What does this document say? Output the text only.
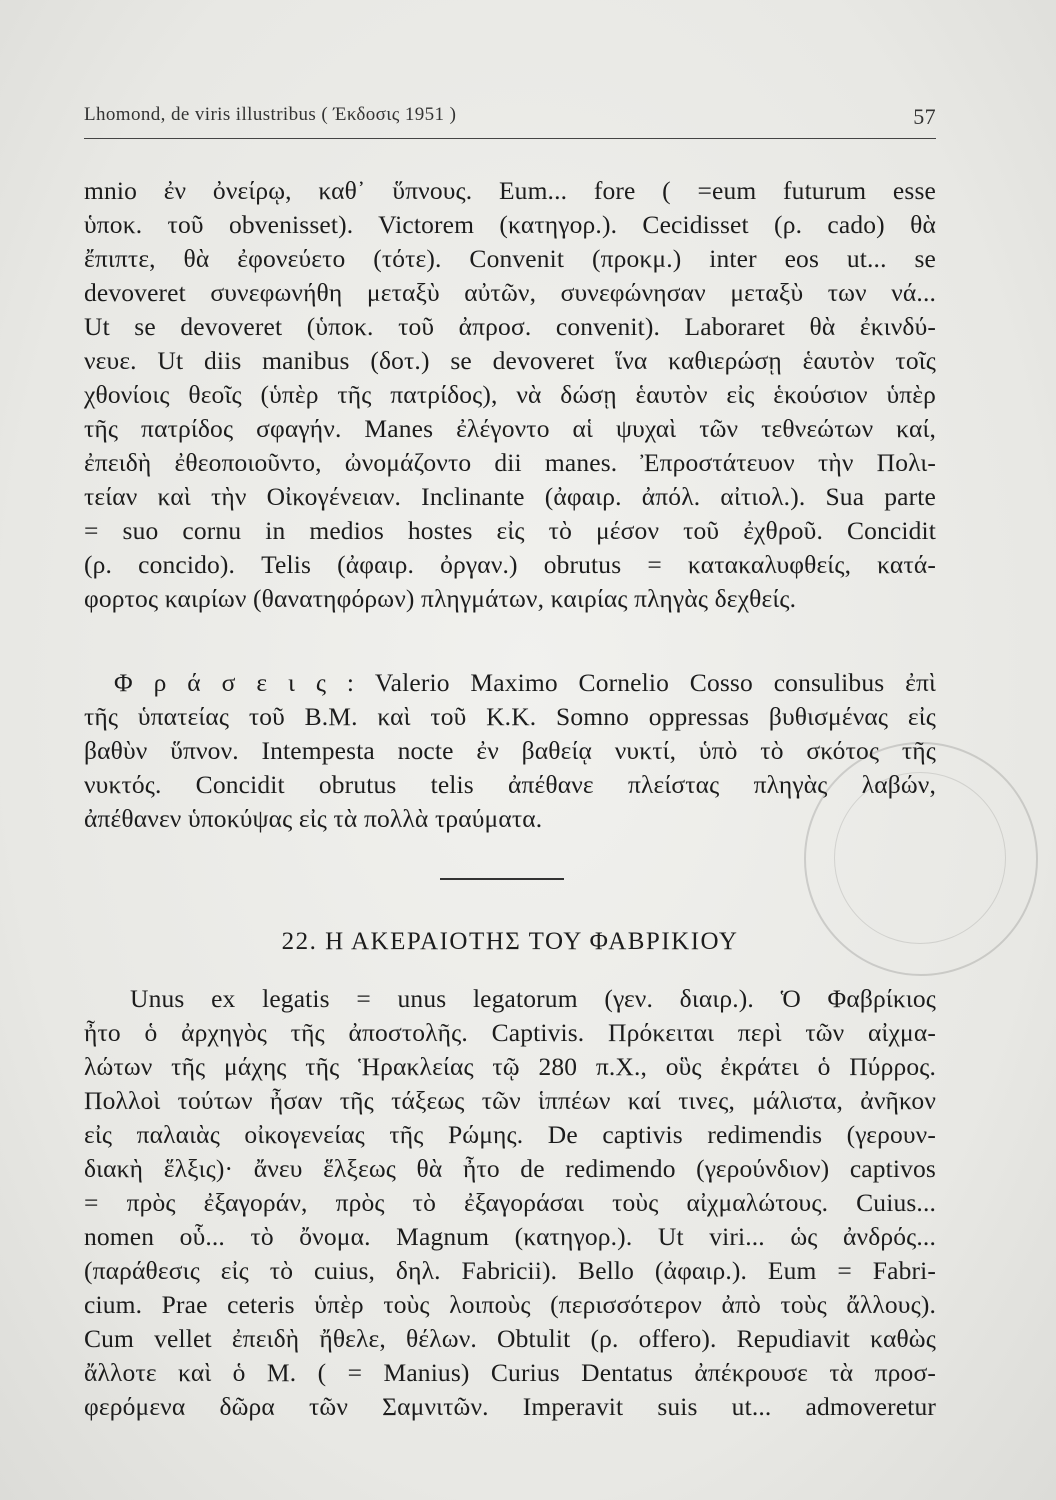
Lhomond, de viris illustribus ( Έκδοσις 1951 )	57
mnio ἐν ὀνείρῳ, καθ᾽ ὕπνους. Eum... fore ( =eum futurum esse
ὑποκ. τοῦ obvenisset). Victorem (κατηγορ.). Cecidisset (ρ. cado) θὰ
ἔπιπτε, θὰ ἐφονεύετο (τότε). Convenit (προκμ.) inter eos ut... se
devoveret συνεφωνήθη μεταξὺ αὐτῶν, συνεφώνησαν μεταξὺ των νά...
Ut se devoveret (ὑποκ. τοῦ ἀπροσ. convenit). Laboraret θὰ ἐκινδύ-
νευε. Ut diis manibus (δοτ.) se devoveret ἵνα καθιερώσῃ ἑαυτὸν τοῖς
χθονίοις θεοῖς (ὑπὲρ τῆς πατρίδος), νὰ δώσῃ ἑαυτὸν εἰς ἑκούσιον ὑπὲρ
τῆς πατρίδος σφαγήν. Manes ἐλέγοντο αἱ ψυχαὶ τῶν τεθνεώτων καί,
ἐπειδὴ ἐθεοποιοῦντο, ὠνομάζοντο dii manes. Ἐπροστάτευον τὴν Πολι-
τείαν καὶ τὴν Οἰκογένειαν. Inclinante (ἀφαιρ. ἀπόλ. αἰτιολ.). Sua parte
= suo cornu in medios hostes εἰς τὸ μέσον τοῦ ἐχθροῦ. Concidit
(ρ. concido). Telis (ἀφαιρ. ὀργαν.) obrutus = κατακαλυφθείς, κατά-
φορτος καιρίων (θανατηφόρων) πληγμάτων, καιρίας πληγὰς δεχθείς.
Φ ρ ά σ ε ι ς : Valerio Maximo Cornelio Cosso consulibus ἐπὶ
τῆς ὑπατείας τοῦ Β.Μ. καὶ τοῦ Κ.Κ. Somno oppressas βυθισμένας εἰς
βαθὺν ὕπνον. Intempesta nocte ἐν βαθείᾳ νυκτί, ὑπὸ τὸ σκότος τῆς
νυκτός. Concidit obrutus telis ἀπέθανε πλείστας πληγὰς λαβών,
ἀπέθανεν ὑποκύψας εἰς τὰ πολλὰ τραύματα.
22. Η ΑΚΕΡΑΙΟΤΗΣ ΤΟΥ ΦΑΒΡΙΚΙΟΥ
Unus ex legatis = unus legatorum (γεν. διαιρ.). Ὁ Φαβρίκιος
ἦτο ὁ ἀρχηγὸς τῆς ἀποστολῆς. Captivis. Πρόκειται περὶ τῶν αἰχμα-
λώτων τῆς μάχης τῆς Ἡρακλείας τῷ 280 π.Χ., οὓς ἐκράτει ὁ Πύρρος.
Πολλοὶ τούτων ἦσαν τῆς τάξεως τῶν ἱππέων καί τινες, μάλιστα, ἀνῆκον
εἰς παλαιὰς οἰκογενείας τῆς Ρώμης. De captivis redimendis (γερουν-
διακὴ ἕλξις)· ἄνευ ἕλξεως θὰ ἦτο de redimendo (γερούνδιον) captivos
= πρὸς ἐξαγοράν, πρὸς τὸ ἐξαγοράσαι τοὺς αἰχμαλώτους. Cuius...
nomen οὗ... τὸ ὄνομα. Magnum (κατηγορ.). Ut viri... ὡς ἀνδρός...
(παράθεσις εἰς τὸ cuius, δηλ. Fabricii). Bello (ἀφαιρ.). Eum = Fabri-
cium. Prae ceteris ὑπὲρ τοὺς λοιποὺς (περισσότερον ἀπὸ τοὺς ἄλλους).
Cum vellet ἐπειδὴ ἤθελε, θέλων. Obtulit (ρ. offero). Repudiavit καθὼς
ἄλλοτε καὶ ὁ Μ. ( = Manius) Curius Dentatus ἀπέκρουσε τὰ προσ-
φερόμενα δῶρα τῶν Σαμνιτῶν. Imperavit suis ut... admoveretur
